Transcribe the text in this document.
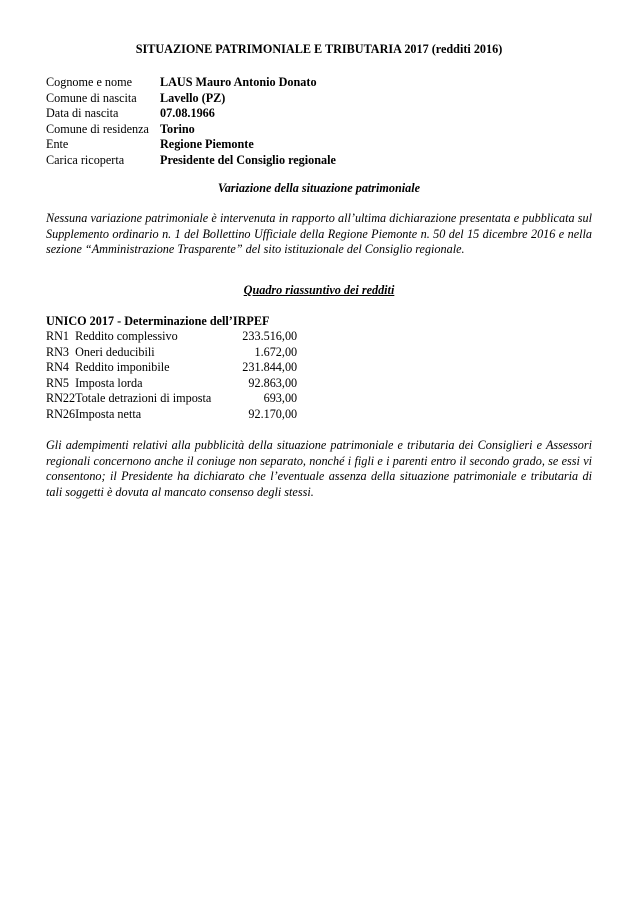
SITUAZIONE PATRIMONIALE E TRIBUTARIA 2017 (redditi 2016)
Cognome e nome	LAUS Mauro Antonio Donato
Comune di nascita	Lavello (PZ)
Data di nascita	07.08.1966
Comune di residenza	Torino
Ente	Regione Piemonte
Carica ricoperta	Presidente del Consiglio regionale
Variazione della situazione patrimoniale
Nessuna variazione patrimoniale è intervenuta in rapporto all’ultima dichiarazione presentata e pubblicata sul Supplemento ordinario n. 1 del Bollettino Ufficiale della Regione Piemonte n. 50 del 15 dicembre 2016 e nella sezione “Amministrazione Trasparente” del sito istituzionale del Consiglio regionale.
Quadro riassuntivo dei redditi
UNICO 2017 - Determinazione dell’IRPEF
RN1	Reddito complessivo	233.516,00
RN3	Oneri deducibili	1.672,00
RN4	Reddito imponibile	231.844,00
RN5	Imposta lorda	92.863,00
RN22	Totale detrazioni di imposta	693,00
RN26	Imposta netta	92.170,00
Gli adempimenti relativi alla pubblicità della situazione patrimoniale e tributaria dei Consiglieri e Assessori regionali concernono anche il coniuge non separato, nonché i figli e i parenti entro il secondo grado, se essi vi consentono; il Presidente ha dichiarato che l’eventuale assenza della situazione patrimoniale e tributaria di tali soggetti è dovuta al mancato consenso degli stessi.
